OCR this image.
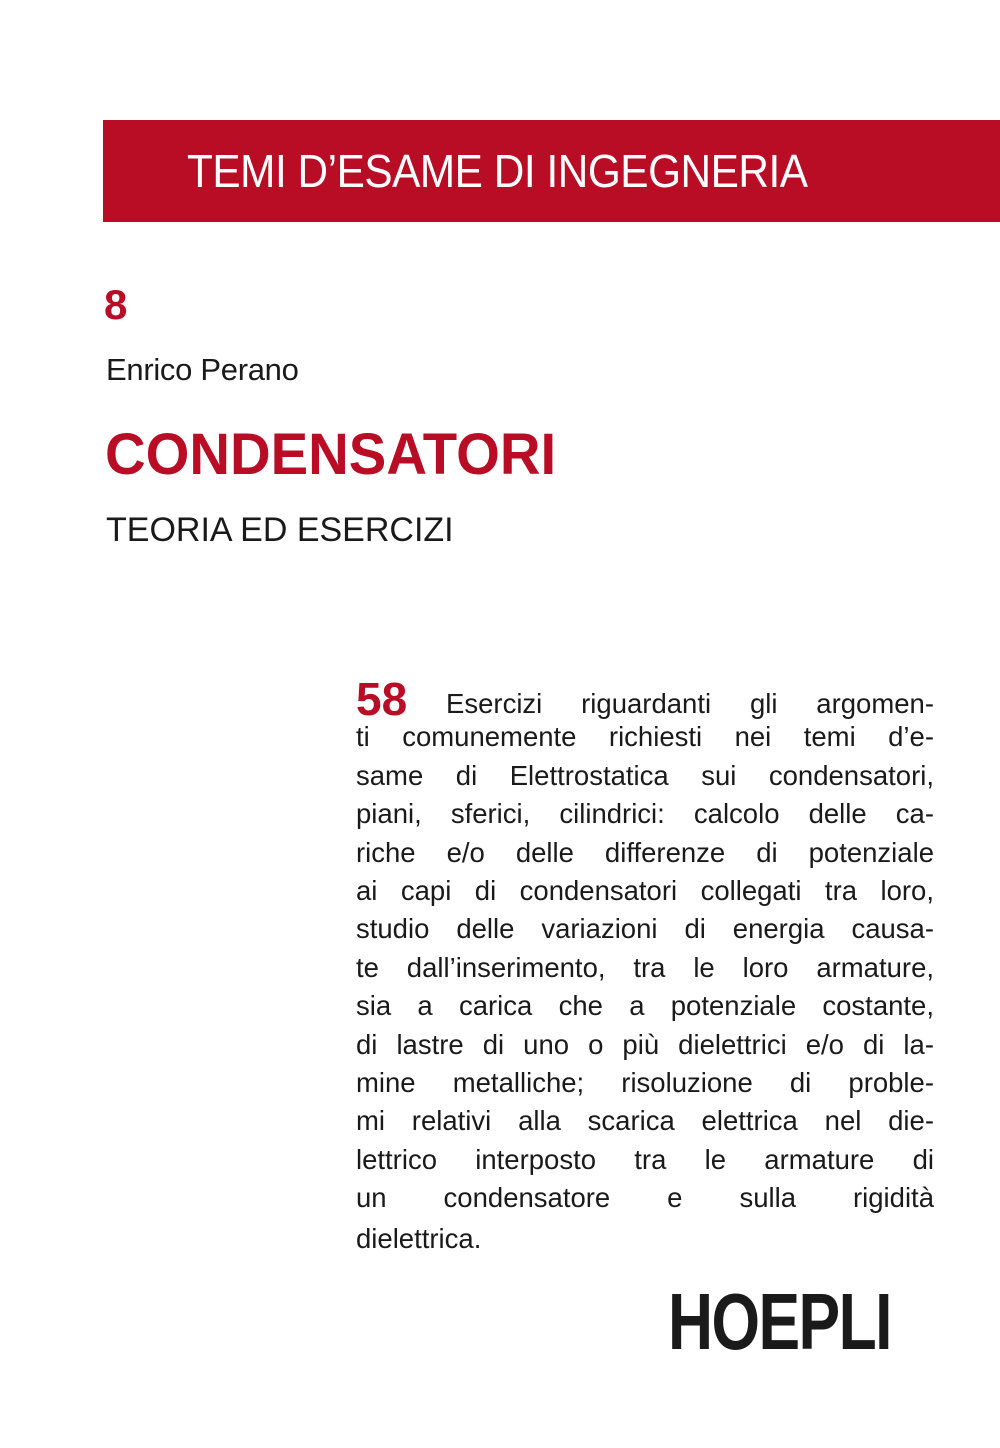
TEMI D’ESAME DI INGEGNERIA
8
Enrico Perano
CONDENSATORI
TEORIA ED ESERCIZI
58 Esercizi riguardanti gli argomen-
ti comunemente richiesti nei temi d’e-
same di Elettrostatica sui condensatori,
piani, sferici, cilindrici: calcolo delle ca-
riche e/o delle differenze di potenziale
ai capi di condensatori collegati tra loro,
studio delle variazioni di energia causa-
te dall’inserimento, tra le loro armature,
sia a carica che a potenziale costante,
di lastre di uno o più dielettrici e/o di la-
mine metalliche; risoluzione di proble-
mi relativi alla scarica elettrica nel die-
lettrico interposto tra le armature di
un condensatore e sulla rigidità
dielettrica.
HOEPLI
